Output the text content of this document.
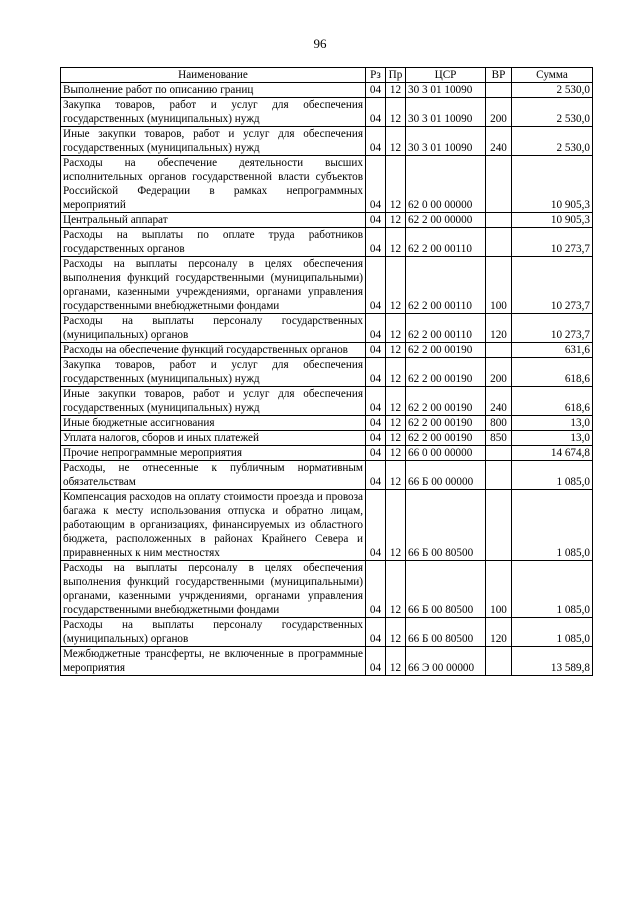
96
Наименование	Рз	Пр	ЦСР	ВР	Сумма
Выполнение работ по описанию границ	04	12	30 3 01 10090		2 530,0
Закупка товаров, работ и услуг для обеспечения государственных (муниципальных) нужд	04	12	30 3 01 10090	200	2 530,0
Иные закупки товаров, работ и услуг для обеспечения государственных (муниципальных) нужд	04	12	30 3 01 10090	240	2 530,0
Расходы на обеспечение деятельности высших исполнительных органов государственной власти субъектов Российской Федерации в рамках непрограммных мероприятий	04	12	62 0 00 00000		10 905,3
Центральный аппарат	04	12	62 2 00 00000		10 905,3
Расходы на выплаты по оплате труда работников государственных органов	04	12	62 2 00 00110		10 273,7
Расходы на выплаты персоналу в целях обеспечения выполнения функций государственными (муниципальными) органами, казенными учреждениями, органами управления государственными внебюджетными фондами	04	12	62 2 00 00110	100	10 273,7
Расходы на выплаты персоналу государственных (муниципальных) органов	04	12	62 2 00 00110	120	10 273,7
Расходы на обеспечение функций государственных органов	04	12	62 2 00 00190		631,6
Закупка товаров, работ и услуг для обеспечения государственных (муниципальных) нужд	04	12	62 2 00 00190	200	618,6
Иные закупки товаров, работ и услуг для обеспечения государственных (муниципальных) нужд	04	12	62 2 00 00190	240	618,6
Иные бюджетные ассигнования	04	12	62 2 00 00190	800	13,0
Уплата налогов, сборов и иных платежей	04	12	62 2 00 00190	850	13,0
Прочие непрограммные мероприятия	04	12	66 0 00 00000		14 674,8
Расходы, не отнесенные к публичным нормативным обязательствам	04	12	66 Б 00 00000		1 085,0
Компенсация расходов на оплату стоимости проезда и провоза багажа к месту использования отпуска и обратно лицам, работающим в организациях, финансируемых из областного бюджета, расположенных в районах Крайнего Севера и приравненных к ним местностях	04	12	66 Б 00 80500		1 085,0
Расходы на выплаты персоналу в целях обеспечения выполнения функций государственными (муниципальными) органами, казенными учрждениями, органами управления государственными внебюджетными фондами	04	12	66 Б 00 80500	100	1 085,0
Расходы на выплаты персоналу государственных (муниципальных) органов	04	12	66 Б 00 80500	120	1 085,0
Межбюджетные трансферты, не включенные в программные мероприятия	04	12	66 Э 00 00000		13 589,8
